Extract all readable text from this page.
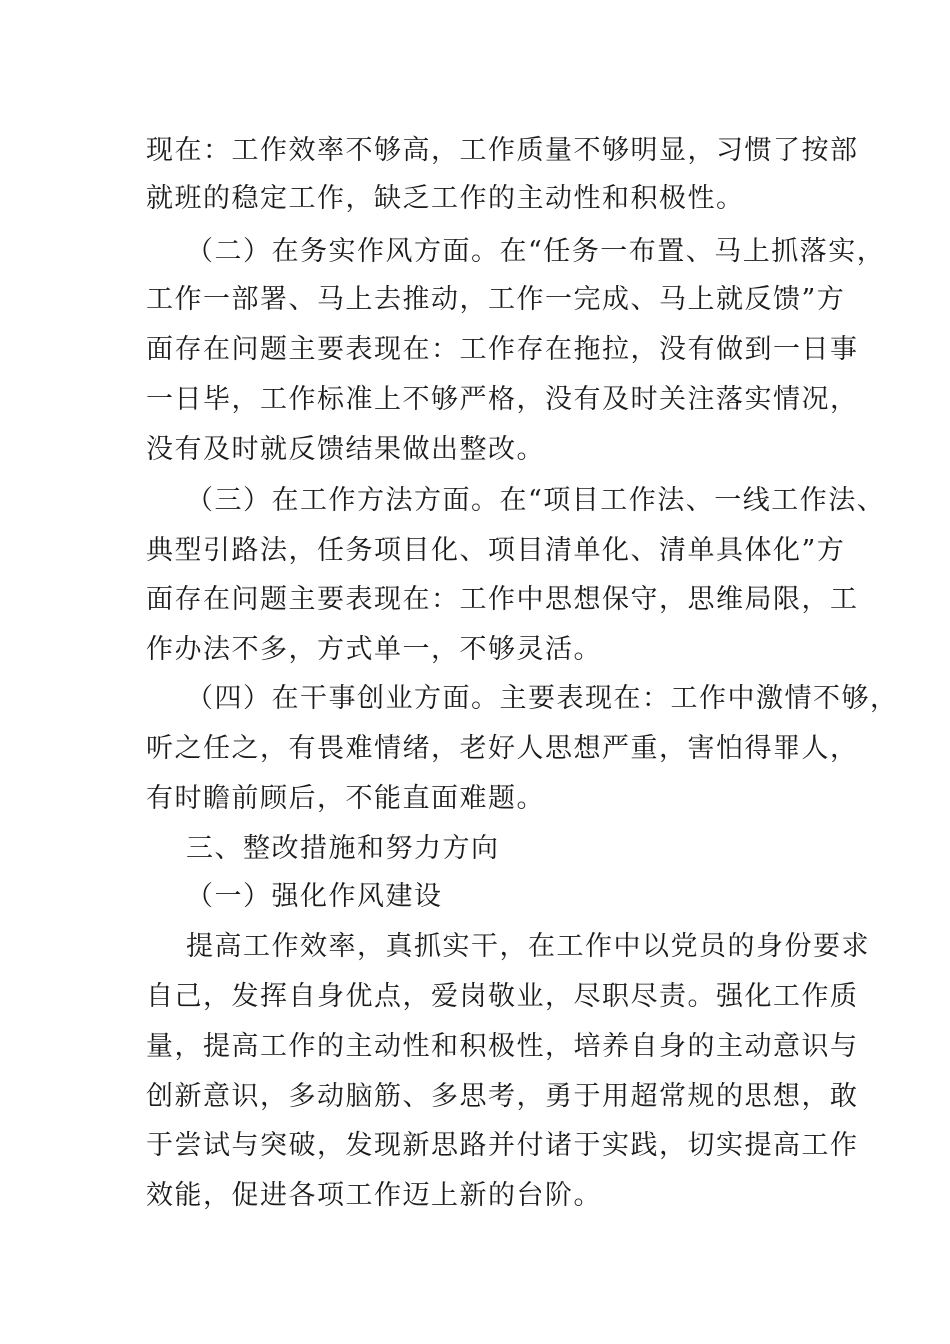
现在：工作效率不够高，工作质量不够明显，习惯了按部
就班的稳定工作，缺乏工作的主动性和积极性。
（二）在务实作风方面。在“任务一布置、马上抓落实，
工作一部署、马上去推动，工作一完成、马上就反馈”方
面存在问题主要表现在：工作存在拖拉，没有做到一日事
一日毕，工作标准上不够严格，没有及时关注落实情况，
没有及时就反馈结果做出整改。
（三）在工作方法方面。在“项目工作法、一线工作法、
典型引路法，任务项目化、项目清单化、清单具体化”方
面存在问题主要表现在：工作中思想保守，思维局限，工
作办法不多，方式单一，不够灵活。
（四）在干事创业方面。主要表现在：工作中激情不够，
听之任之，有畏难情绪，老好人思想严重，害怕得罪人，
有时瞻前顾后，不能直面难题。
三、整改措施和努力方向
（一）强化作风建设
提高工作效率，真抓实干，在工作中以党员的身份要求
自己，发挥自身优点，爱岗敬业，尽职尽责。强化工作质
量，提高工作的主动性和积极性，培养自身的主动意识与
创新意识，多动脑筋、多思考，勇于用超常规的思想，敢
于尝试与突破，发现新思路并付诸于实践，切实提高工作
效能，促进各项工作迈上新的台阶。
